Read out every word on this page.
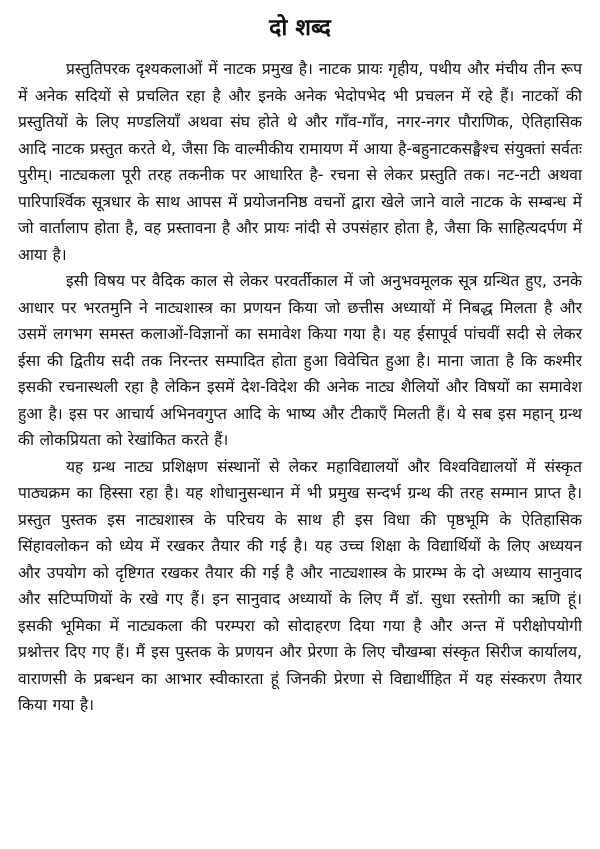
दो शब्द

प्रस्तुतिपरक दृश्यकलाओं में नाटक प्रमुख है। नाटक प्रायः गृहीय, पथीय और मंचीय तीन रूप में अनेक सदियों से प्रचलित रहा है और इनके अनेक भेदोपभेद भी प्रचलन में रहे हैं। नाटकों की प्रस्तुतियों के लिए मण्डलियाँ अथवा संघ होते थे और गाँव-गाँव, नगर-नगर पौराणिक, ऐतिहासिक आदि नाटक प्रस्तुत करते थे, जैसा कि वाल्मीकीय रामायण में आया है-बहुनाटकसङ्घैश्च संयुक्तां सर्वतः पुरीम्। नाट्यकला पूरी तरह तकनीक पर आधारित है- रचना से लेकर प्रस्तुति तक। नट-नटी अथवा पारिपार्श्विक सूत्रधार के साथ आपस में प्रयोजननिष्ठ वचनों द्वारा खेले जाने वाले नाटक के सम्बन्ध में जो वार्तालाप होता है, वह प्रस्तावना है और प्रायः नांदी से उपसंहार होता है, जैसा कि साहित्यदर्पण में आया है।

इसी विषय पर वैदिक काल से लेकर परवर्तीकाल में जो अनुभवमूलक सूत्र ग्रन्थित हुए, उनके आधार पर भरतमुनि ने नाट्यशास्त्र का प्रणयन किया जो छत्तीस अध्यायों में निबद्ध मिलता है और उसमें लगभग समस्त कलाओं-विज्ञानों का समावेश किया गया है। यह ईसापूर्व पांचवीं सदी से लेकर ईसा की द्वितीय सदी तक निरन्तर सम्पादित होता हुआ विवेचित हुआ है। माना जाता है कि कश्मीर इसकी रचनास्थली रहा है लेकिन इसमें देश-विदेश की अनेक नाट्य शैलियों और विषयों का समावेश हुआ है। इस पर आचार्य अभिनवगुप्त आदि के भाष्य और टीकाएँ मिलती हैं। ये सब इस महान् ग्रन्थ की लोकप्रियता को रेखांकित करते हैं।

यह ग्रन्थ नाट्य प्रशिक्षण संस्थानों से लेकर महाविद्यालयों और विश्वविद्यालयों में संस्कृत पाठ्यक्रम का हिस्सा रहा है। यह शोधानुसन्धान में भी प्रमुख सन्दर्भ ग्रन्थ की तरह सम्मान प्राप्त है। प्रस्तुत पुस्तक इस नाट्यशास्त्र के परिचय के साथ ही इस विधा की पृष्ठभूमि के ऐतिहासिक सिंहावलोकन को ध्येय में रखकर तैयार की गई है। यह उच्च शिक्षा के विद्यार्थियों के लिए अध्ययन और उपयोग को दृष्टिगत रखकर तैयार की गई है और नाट्यशास्त्र के प्रारम्भ के दो अध्याय सानुवाद और सटिप्पणियों के रखे गए हैं। इन सानुवाद अध्यायों के लिए मैं डॉ. सुधा रस्तोगी का ऋणि हूं। इसकी भूमिका में नाट्यकला की परम्परा को सोदाहरण दिया गया है और अन्त में परीक्षोपयोगी प्रश्नोत्तर दिए गए हैं। मैं इस पुस्तक के प्रणयन और प्रेरणा के लिए चौखम्बा संस्कृत सिरीज कार्यालय, वाराणसी के प्रबन्धन का आभार स्वीकारता हूं जिनकी प्रेरणा से विद्यार्थीहित में यह संस्करण तैयार किया गया है।
